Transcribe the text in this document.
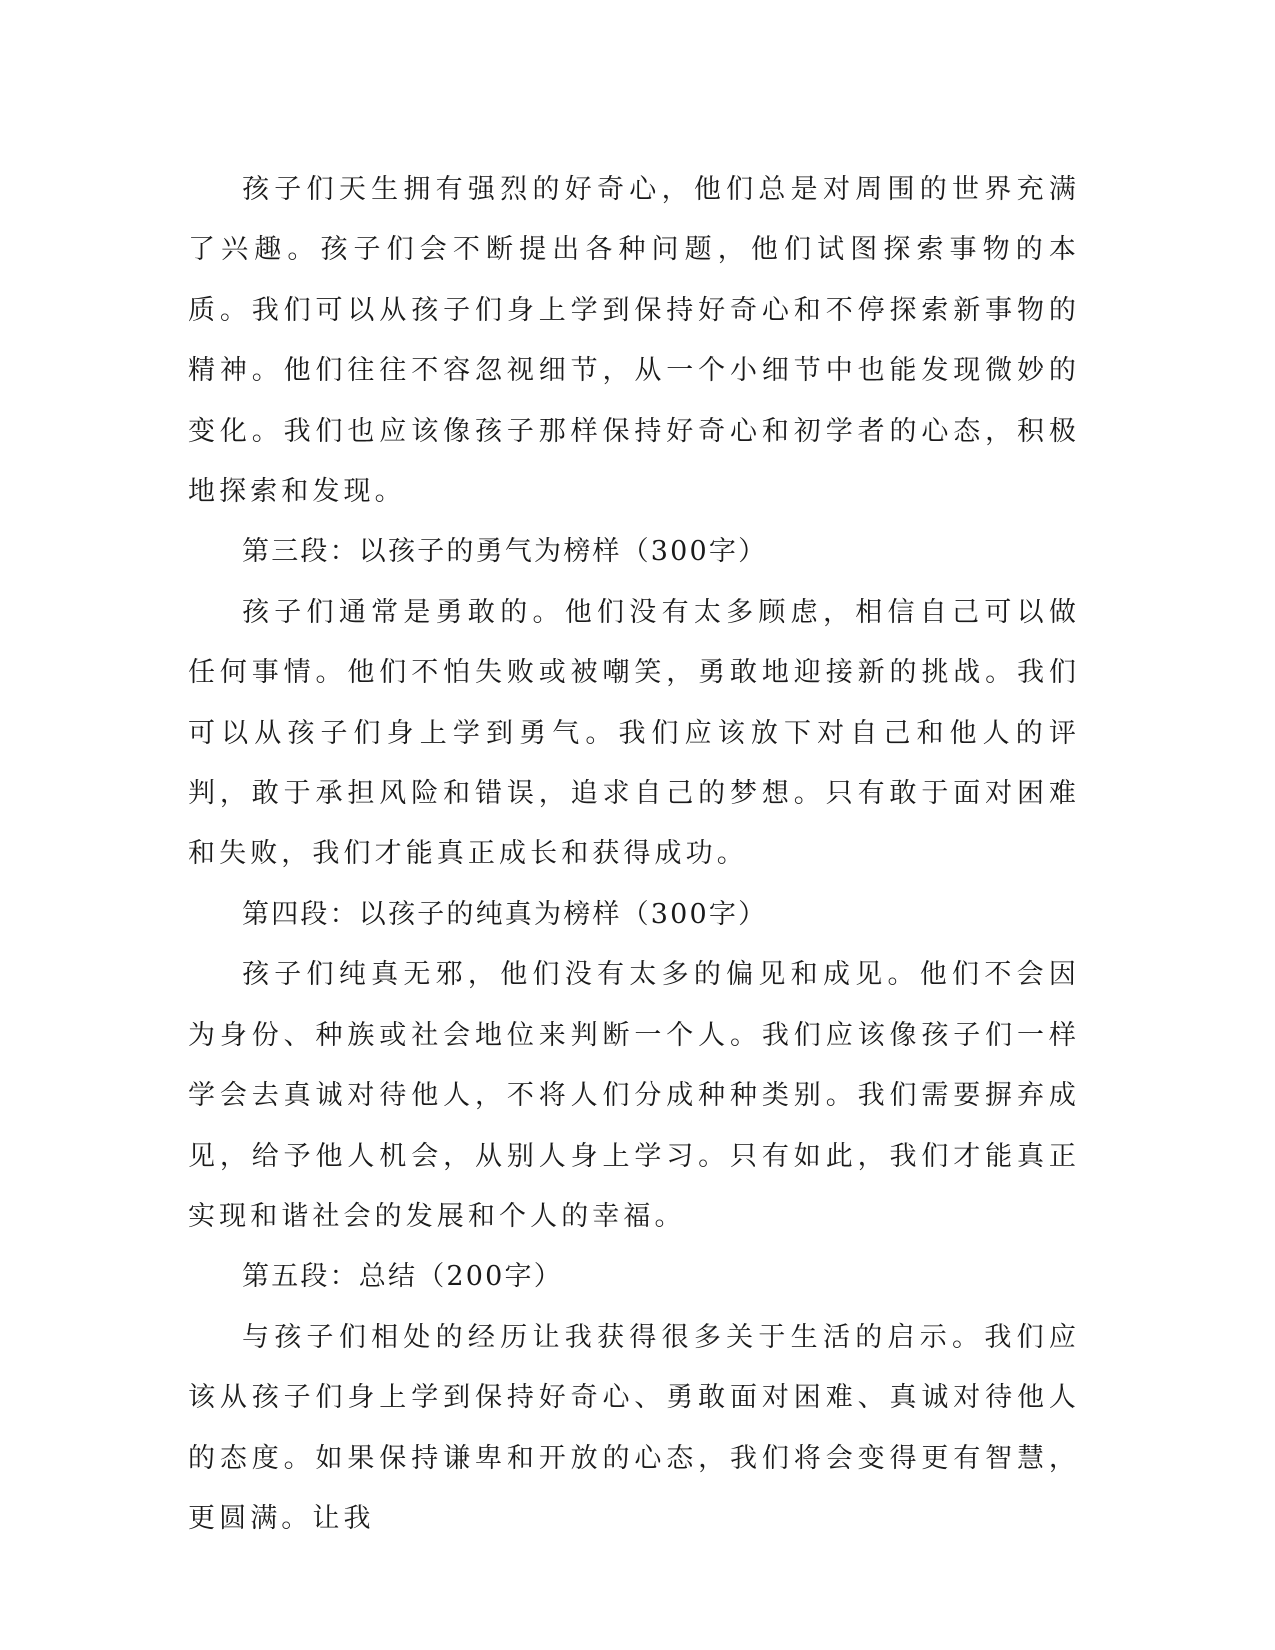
孩子们天生拥有强烈的好奇心，他们总是对周围的世界充满了兴趣。孩子们会不断提出各种问题，他们试图探索事物的本质。我们可以从孩子们身上学到保持好奇心和不停探索新事物的精神。他们往往不容忽视细节，从一个小细节中也能发现微妙的变化。我们也应该像孩子那样保持好奇心和初学者的心态，积极地探索和发现。

第三段：以孩子的勇气为榜样（300字）

孩子们通常是勇敢的。他们没有太多顾虑，相信自己可以做任何事情。他们不怕失败或被嘲笑，勇敢地迎接新的挑战。我们可以从孩子们身上学到勇气。我们应该放下对自己和他人的评判，敢于承担风险和错误，追求自己的梦想。只有敢于面对困难和失败，我们才能真正成长和获得成功。

第四段：以孩子的纯真为榜样（300字）

孩子们纯真无邪，他们没有太多的偏见和成见。他们不会因为身份、种族或社会地位来判断一个人。我们应该像孩子们一样学会去真诚对待他人，不将人们分成种种类别。我们需要摒弃成见，给予他人机会，从别人身上学习。只有如此，我们才能真正实现和谐社会的发展和个人的幸福。

第五段：总结（200字）

与孩子们相处的经历让我获得很多关于生活的启示。我们应该从孩子们身上学到保持好奇心、勇敢面对困难、真诚对待他人的态度。如果保持谦卑和开放的心态，我们将会变得更有智慧，更圆满。让我
